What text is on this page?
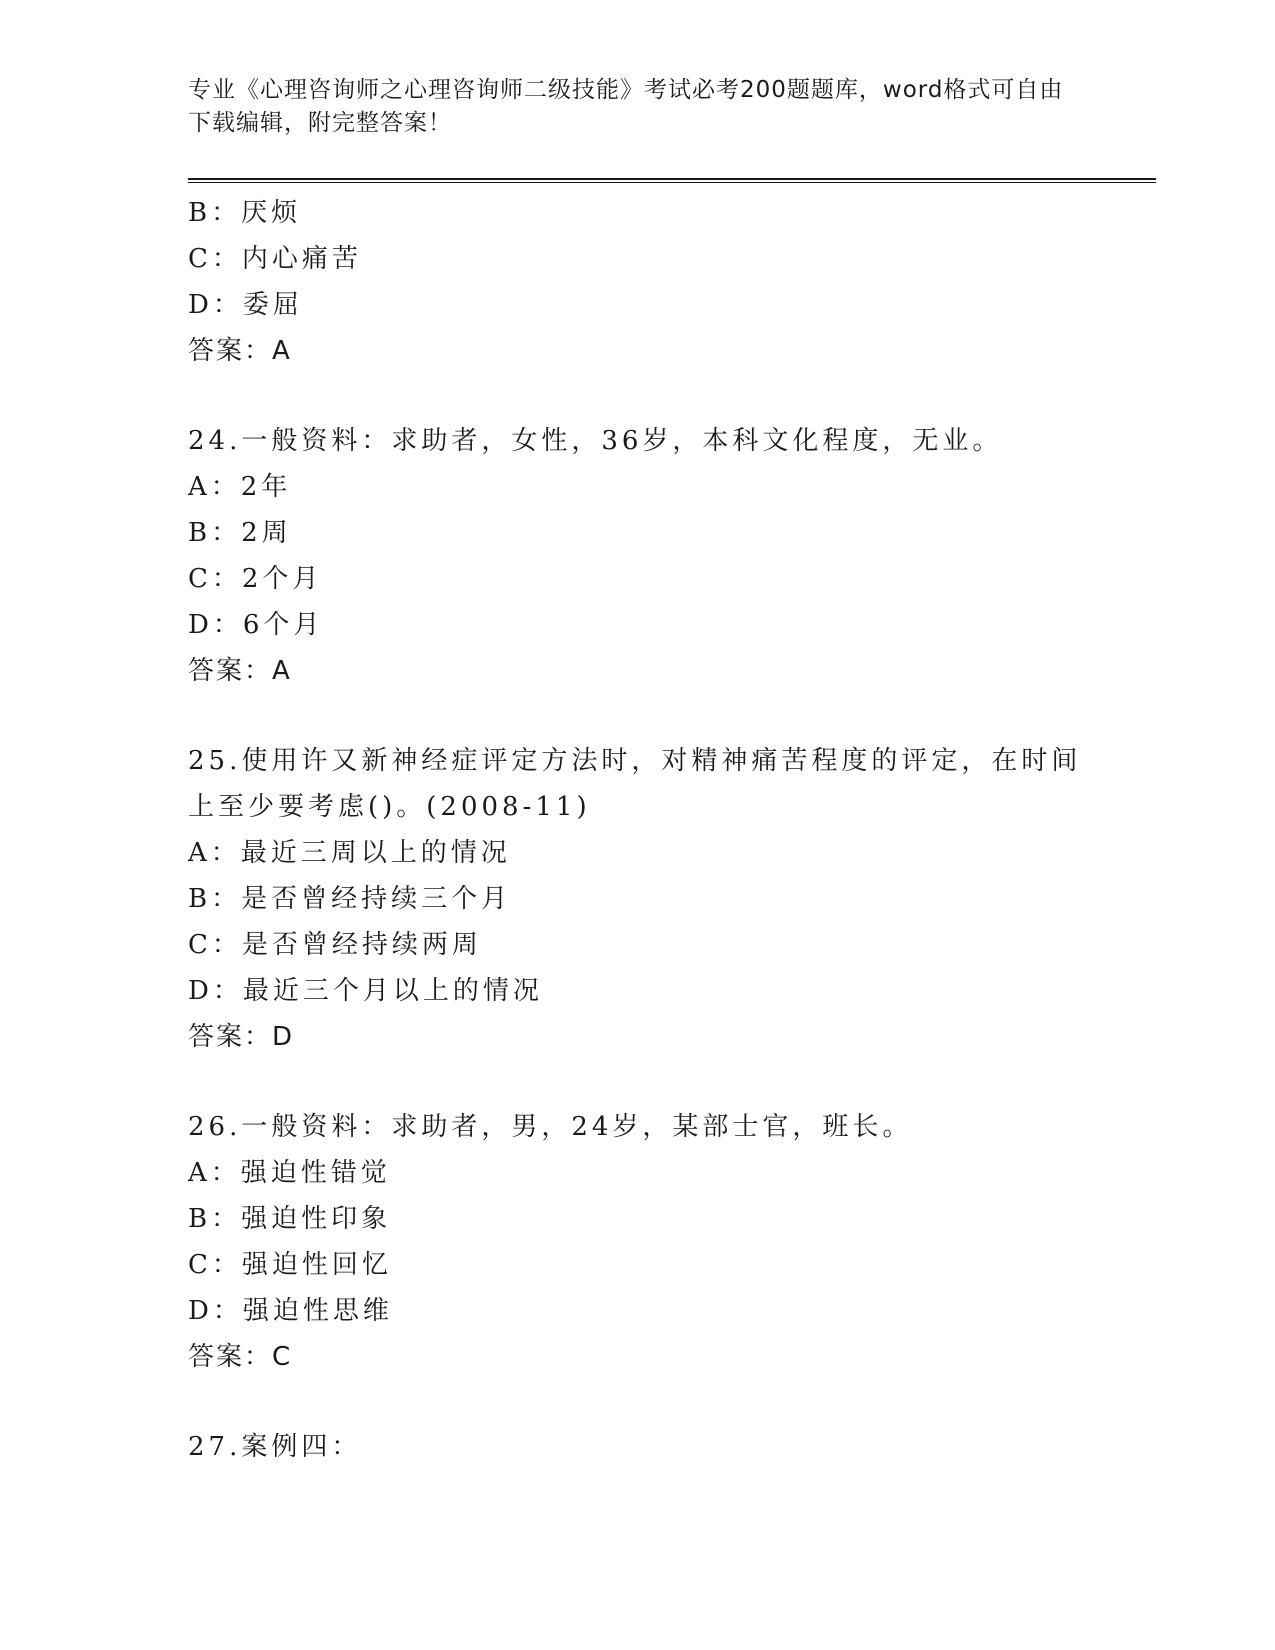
专业《心理咨询师之心理咨询师二级技能》考试必考200题题库，word格式可自由下载编辑，附完整答案！
B：厌烦
C：内心痛苦
D：委屈
答案：A
24.一般资料：求助者，女性，36岁，本科文化程度，无业。
A：2年
B：2周
C：2个月
D：6个月
答案：A
25.使用许又新神经症评定方法时，对精神痛苦程度的评定，在时间上至少要考虑()。(2008-11)
A：最近三周以上的情况
B：是否曾经持续三个月
C：是否曾经持续两周
D：最近三个月以上的情况
答案：D
26.一般资料：求助者，男，24岁，某部士官，班长。
A：强迫性错觉
B：强迫性印象
C：强迫性回忆
D：强迫性思维
答案：C
27.案例四：
